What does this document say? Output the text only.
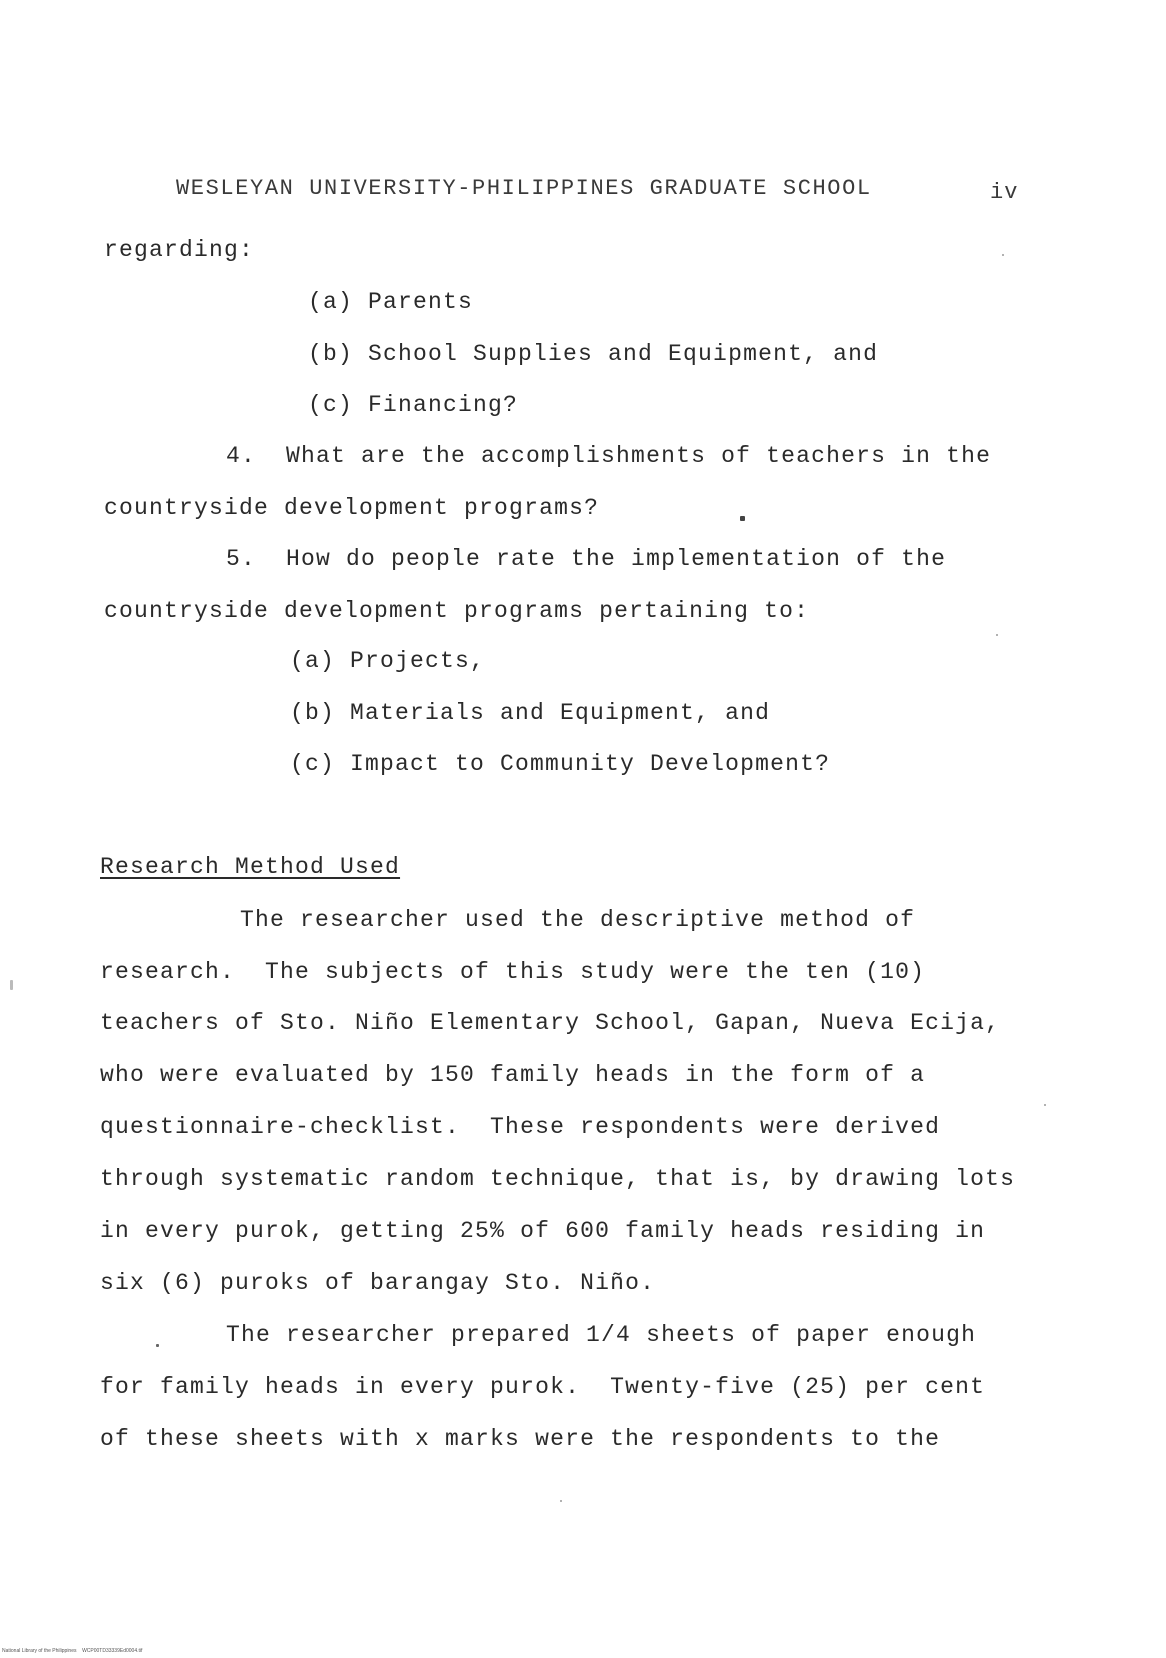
WESLEYAN UNIVERSITY-PHILIPPINES GRADUATE SCHOOL	iv
regarding:
(a) Parents
(b) School Supplies and Equipment, and
(c) Financing?
4.  What are the accomplishments of teachers in the
countryside development programs?
5.  How do people rate the implementation of the
countryside development programs pertaining to:
(a) Projects,
(b) Materials and Equipment, and
(c) Impact to Community Development?
Research Method Used
The researcher used the descriptive method of
research.  The subjects of this study were the ten (10)
teachers of Sto. Niño Elementary School, Gapan, Nueva Ecija,
who were evaluated by 150 family heads in the form of a
questionnaire-checklist.  These respondents were derived
through systematic random technique, that is, by drawing lots
in every purok, getting 25% of 600 family heads residing in
six (6) puroks of barangay Sto. Niño.
The researcher prepared 1/4 sheets of paper enough
for family heads in every purok.  Twenty-five (25) per cent
of these sheets with x marks were the respondents to the
National Library of the Philippines WCP00TD33339Ed0004.tif
